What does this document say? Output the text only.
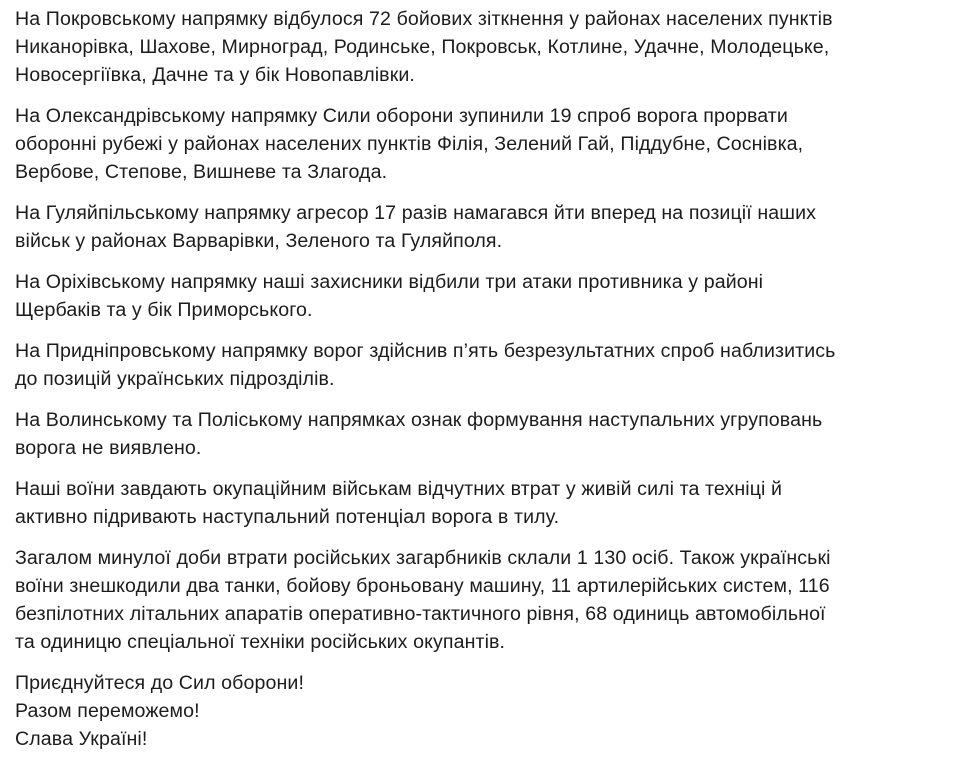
На Покровському напрямку відбулося 72 бойових зіткнення у районах населених пунктів
Никанорівка, Шахове, Мирноград, Родинське, Покровськ, Котлине, Удачне, Молодецьке,
Новосергіївка, Дачне та у бік Новопавлівки.

На Олександрівському напрямку Сили оборони зупинили 19 спроб ворога прорвати
оборонні рубежі у районах населених пунктів Філія, Зелений Гай, Піддубне, Соснівка,
Вербове, Степове, Вишневе та Злагода.

На Гуляйпільському напрямку агресор 17 разів намагався йти вперед на позиції наших
військ у районах Варварівки, Зеленого та Гуляйполя.

На Оріхівському напрямку наші захисники відбили три атаки противника у районі
Щербаків та у бік Приморського.

На Придніпровському напрямку ворог здійснив п’ять безрезультатних спроб наблизитись
до позицій українських підрозділів.

На Волинському та Поліському напрямках ознак формування наступальних угруповань
ворога не виявлено.

Наші воїни завдають окупаційним військам відчутних втрат у живій силі та техніці й
активно підривають наступальний потенціал ворога в тилу.

Загалом минулої доби втрати російських загарбників склали 1 130 осіб. Також українські
воїни знешкодили два танки, бойову броньовану машину, 11 артилерійських систем, 116
безпілотних літальних апаратів оперативно-тактичного рівня, 68 одиниць автомобільної
та одиницю спеціальної техніки російських окупантів.

Приєднуйтеся до Сил оборони!
Разом переможемо!
Слава Україні!
